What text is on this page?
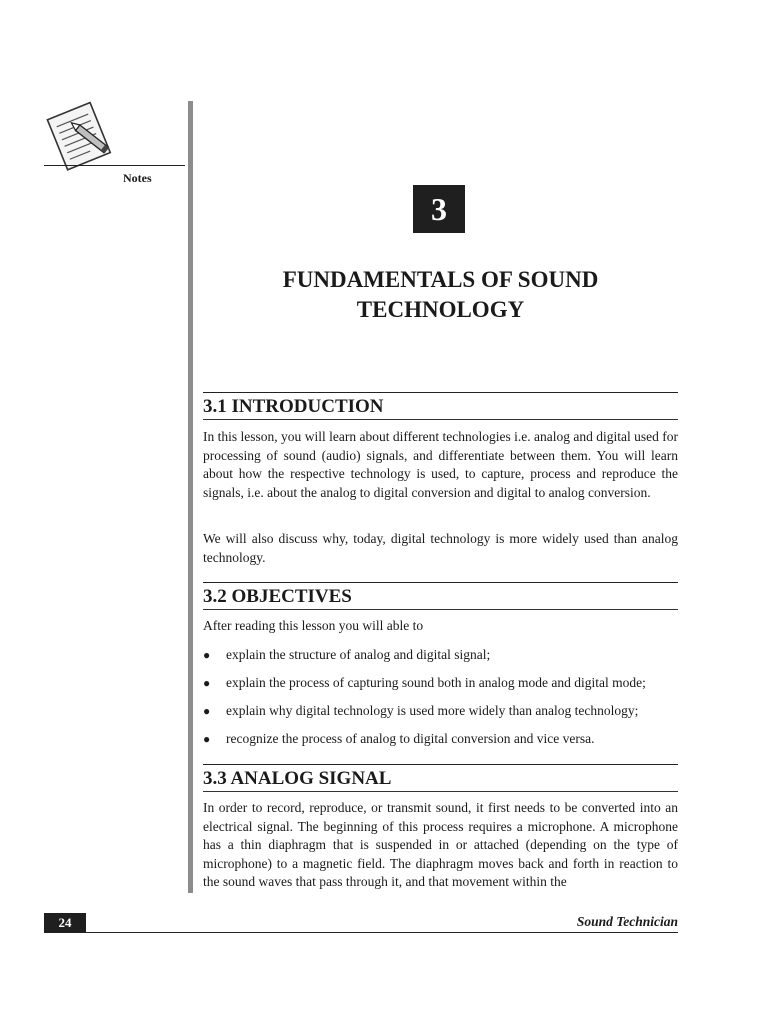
Notes
3
FUNDAMENTALS OF SOUND TECHNOLOGY
3.1 INTRODUCTION

In this lesson, you will learn about different technologies i.e. analog and digital used for processing of sound (audio) signals, and differentiate between them. You will learn about how the respective technology is used, to capture, process and reproduce the signals, i.e. about the analog to digital conversion and digital to analog conversion.

We will also discuss why, today, digital technology is more widely used than analog technology.

3.2 OBJECTIVES
After reading this lesson you will able to
● explain the structure of analog and digital signal;
● explain the process of capturing sound both in analog mode and digital mode;
● explain why digital technology is used more widely than analog technology;
● recognize the process of analog to digital conversion and vice versa.
3.3 ANALOG SIGNAL

In order to record, reproduce, or transmit sound, it first needs to be converted into an electrical signal. The beginning of this process requires a microphone. A microphone has a thin diaphragm that is suspended in or attached (depending on the type of microphone) to a magnetic field. The diaphragm moves back and forth in reaction to the sound waves that pass through it, and that movement within the

24	Sound Technician
